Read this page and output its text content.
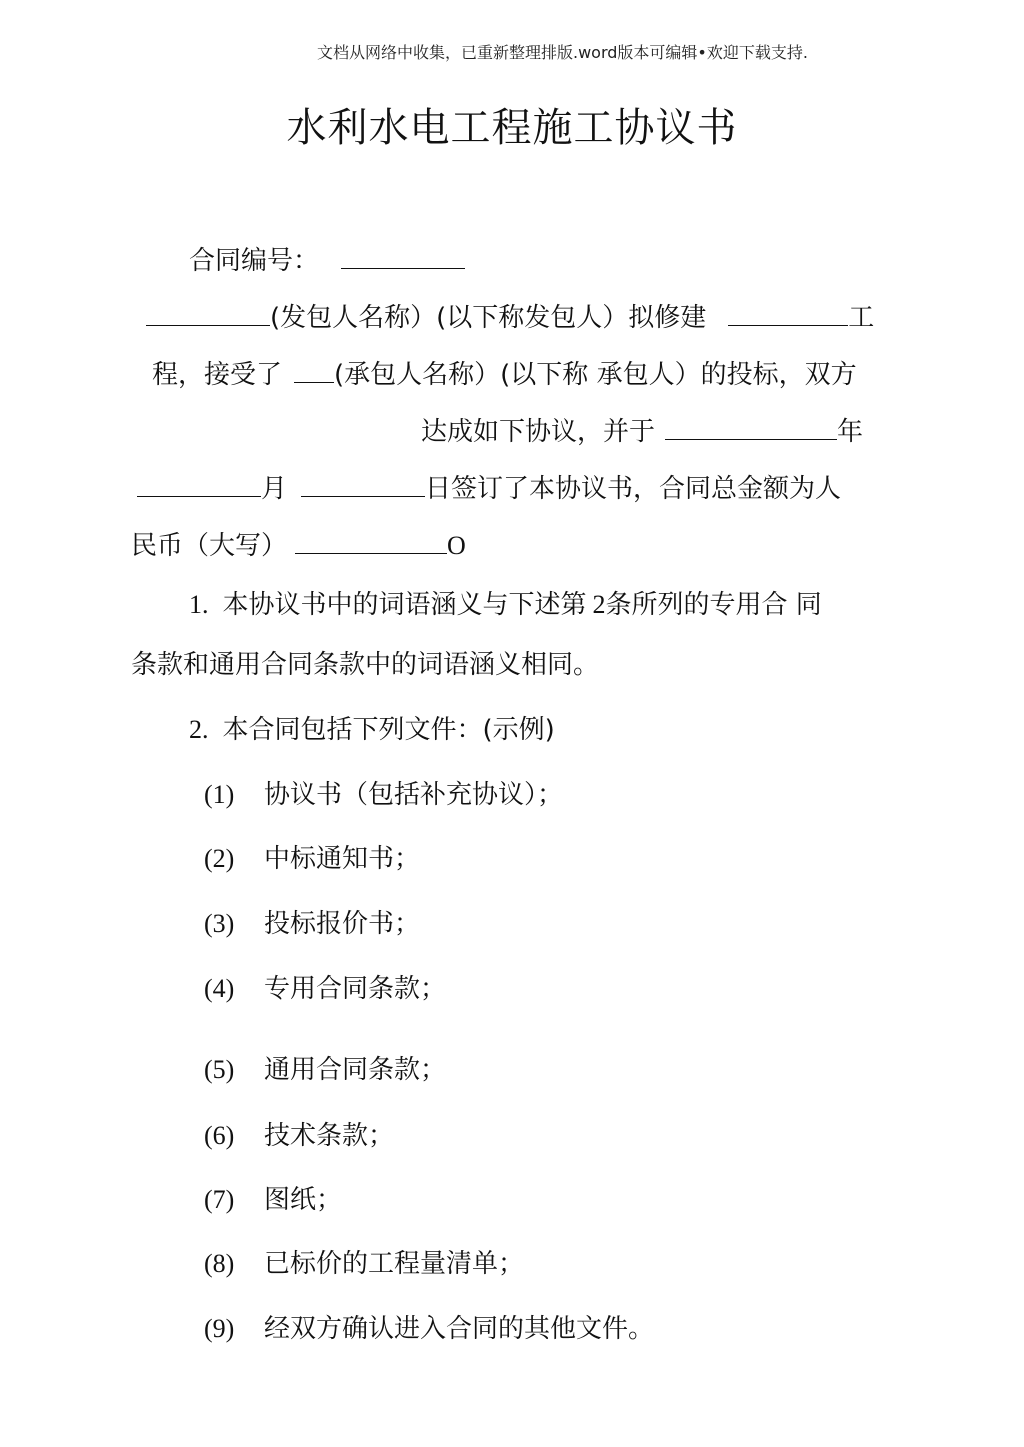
文档从网络中收集，已重新整理排版.word版本可编辑•欢迎下载支持.
水利水电工程施工协议书
合同编号：
(发包人名称）(以下称发包人）拟修建	工
程，接受了 (承包人名称）(以下称 承包人）的投标，双方
达成如下协议，并于	年
月	日签订了本协议书，合同总金额为人
民币（大写）	O
1. 本协议书中的词语涵义与下述第 2条所列的专用合 同
条款和通用合同条款中的词语涵义相同。
2. 本合同包括下列文件：(示例)
(1) 协议书（包括补充协议）；
(2) 中标通知书；
(3) 投标报价书；
(4) 专用合同条款；
(5) 通用合同条款；
(6) 技术条款；
(7) 图纸；
(8) 已标价的工程量清单；
(9) 经双方确认进入合同的其他文件。
